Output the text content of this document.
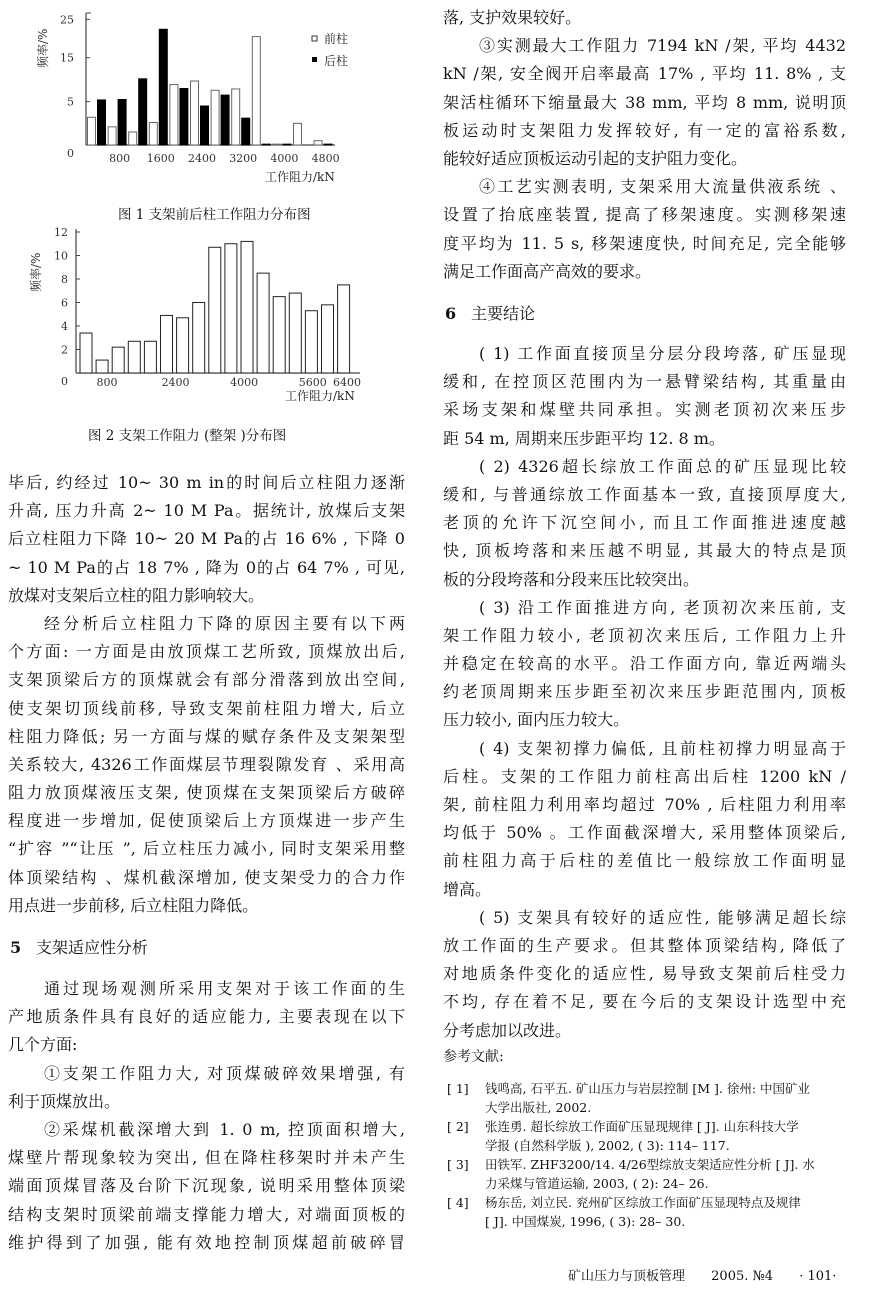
0
5
15
25
800 1600 2400 3200 4000 4800
前柱
后柱
工作阻力/kN
频率/%
图 1 支架前后柱工作阻力分布图
0
2
4
6
8
10
12
800	2400	4000	5600 6400
工作阻力/kN
频率/%
图 2 支架工作阻力 (整架 )分布图
毕后, 约经过 10~ 30 m in的时间后立柱阻力逐渐
升高, 压力升高 2~ 10 M Pa。据统计, 放煤后支架
后立柱阻力下降 10~ 20 M Pa的占 16 6% , 下降 0
~ 10 M Pa的占 18 7% , 降为 0的占 64 7% , 可见,
放煤对支架后立柱的阻力影响较大。
经分析后立柱阻力下降的原因主要有以下两
个方面: 一方面是由放顶煤工艺所致, 顶煤放出后,
支架顶梁后方的顶煤就会有部分滑落到放出空间,
使支架切顶线前移, 导致支架前柱阻力增大, 后立
柱阻力降低; 另一方面与煤的赋存条件及支架架型
关系较大, 4326工作面煤层节理裂隙发育 、采用高
阻力放顶煤液压支架, 使顶煤在支架顶梁后方破碎
程度进一步增加, 促使顶梁后上方顶煤进一步产生
“扩容 ”“让压 ”, 后立柱压力减小, 同时支架采用整
体顶梁结构 、煤机截深增加, 使支架受力的合力作
用点进一步前移, 后立柱阻力降低。
5 支架适应性分析
通过现场观测所采用支架对于该工作面的生
产地质条件具有良好的适应能力, 主要表现在以下
几个方面:
①支架工作阻力大, 对顶煤破碎效果增强, 有
利于顶煤放出。
②采煤机截深增大到 1. 0 m, 控顶面积增大,
煤壁片帮现象较为突出, 但在降柱移架时并未产生
端面顶煤冒落及台阶下沉现象, 说明采用整体顶梁
结构支架时顶梁前端支撑能力增大, 对端面顶板的
维护得到了加强, 能有效地控制顶煤超前破碎冒
落, 支护效果较好。
③实测最大工作阻力 7194 kN /架, 平均 4432
kN /架, 安全阀开启率最高 17% , 平均 11. 8% , 支
架活柱循环下缩量最大 38 mm, 平均 8 mm, 说明顶
板运动时支架阻力发挥较好, 有一定的富裕系数,
能较好适应顶板运动引起的支护阻力变化。
④工艺实测表明, 支架采用大流量供液系统 、
设置了抬底座装置, 提高了移架速度。实测移架速
度平均为 11. 5 s, 移架速度快, 时间充足, 完全能够
满足工作面高产高效的要求。
6 主要结论
( 1) 工作面直接顶呈分层分段垮落, 矿压显现
缓和, 在控顶区范围内为一悬臂梁结构, 其重量由
采场支架和煤壁共同承担。实测老顶初次来压步
距 54 m, 周期来压步距平均 12. 8 m。
( 2) 4326超长综放工作面总的矿压显现比较
缓和, 与普通综放工作面基本一致, 直接顶厚度大,
老顶的允许下沉空间小, 而且工作面推进速度越
快, 顶板垮落和来压越不明显, 其最大的特点是顶
板的分段垮落和分段来压比较突出。
( 3) 沿工作面推进方向, 老顶初次来压前, 支
架工作阻力较小, 老顶初次来压后, 工作阻力上升
并稳定在较高的水平。沿工作面方向, 靠近两端头
约老顶周期来压步距至初次来压步距范围内, 顶板
压力较小, 面内压力较大。
( 4) 支架初撑力偏低, 且前柱初撑力明显高于
后柱。支架的工作阻力前柱高出后柱 1200 kN /
架, 前柱阻力利用率均超过 70% , 后柱阻力利用率
均低于 50% 。工作面截深增大, 采用整体顶梁后,
前柱阻力高于后柱的差值比一般综放工作面明显
增高。
( 5) 支架具有较好的适应性, 能够满足超长综
放工作面的生产要求。但其整体顶梁结构, 降低了
对地质条件变化的适应性, 易导致支架前后柱受力
不均, 存在着不足, 要在今后的支架设计选型中充
分考虑加以改进。
参考文献:
[ 1]	钱鸣高, 石平五. 矿山压力与岩层控制 [M ]. 徐州: 中国矿业
大学出版社, 2002.
[ 2]	张连勇. 超长综放工作面矿压显现规律 [ J]. 山东科技大学
学报 (自然科学版 ), 2002, ( 3): 114– 117.
[ 3]	田铁军. ZHF3200/14. 4/26型综放支架适应性分析 [ J]. 水
力采煤与管道运输, 2003, ( 2): 24– 26.
[ 4]	杨东岳, 刘立民. 兖州矿区综放工作面矿压显现特点及规律
[ J]. 中国煤炭, 1996, ( 3): 28– 30.
矿山压力与顶板管理 2005. №4 · 101·
